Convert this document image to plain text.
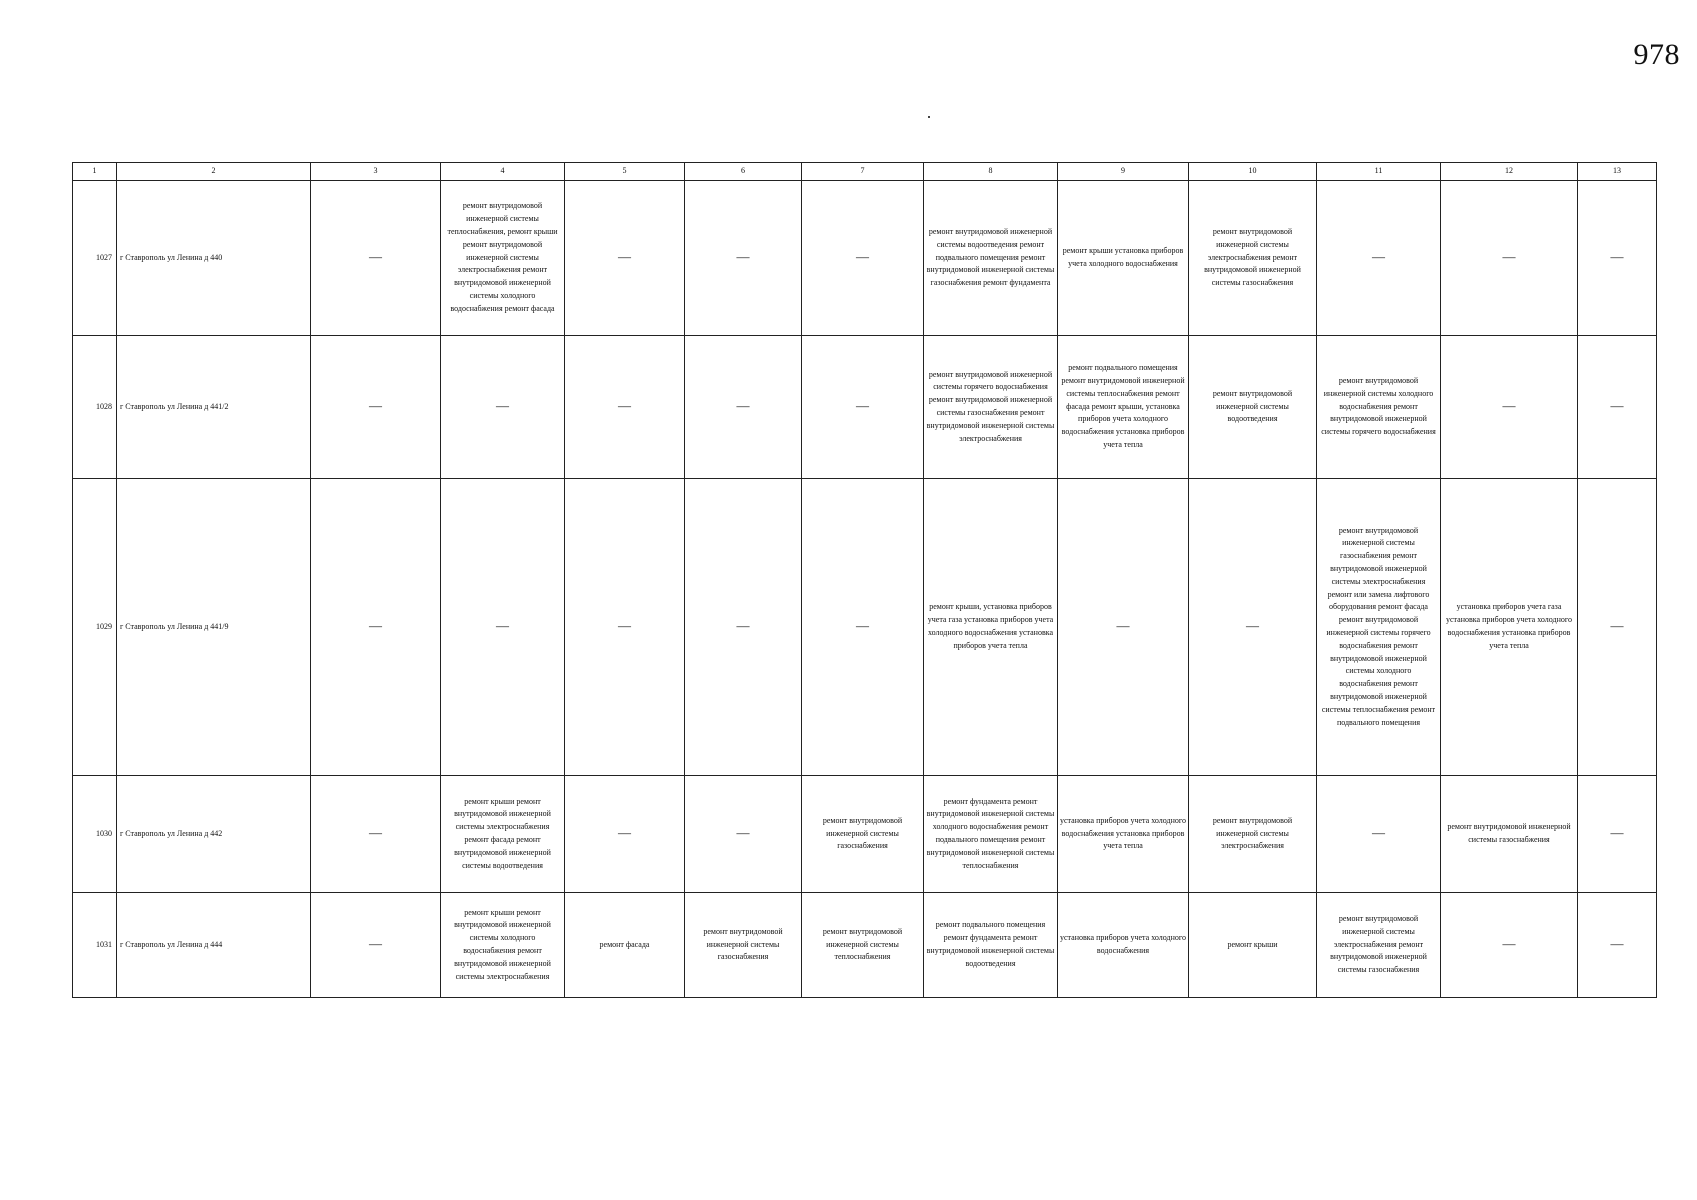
978
1	2	3	4	5	6	7	8	9	10	11	12	13
1027	г Ставрополь ул Ленина д 440	—	ремонт внутридомовой инженерной системы теплоснабжения, ремонт крыши ремонт внутридомовой инженерной системы электроснабжения ремонт внутридомовой инженерной системы холодного водоснабжения ремонт фасада	—	—	—	ремонт внутридомовой инженерной системы водоотведения ремонт подвального помещения ремонт внутридомовой инженерной системы газоснабжения ремонт фундамента	ремонт крыши установка приборов учета холодного водоснабжения	ремонт внутридомовой инженерной системы электроснабжения ремонт внутридомовой инженерной системы газоснабжения	—	—	—
1028	г Ставрополь ул Ленина д 441/2	—	—	—	—	—	ремонт внутридомовой инженерной системы горячего водоснабжения ремонт внутридомовой инженерной системы газоснабжения ремонт внутридомовой инженерной системы электроснабжения	ремонт подвального помещения ремонт внутридомовой инженерной системы теплоснабжения ремонт фасада ремонт крыши, установка приборов учета холодного водоснабжения установка приборов учета тепла	ремонт внутридомовой инженерной системы водоотведения	ремонт внутридомовой инженерной системы холодного водоснабжения ремонт внутридомовой инженерной системы горячего водоснабжения	—	—
1029	г Ставрополь ул Ленина д 441/9	—	—	—	—	—	ремонт крыши, установка приборов учета газа установка приборов учета холодного водоснабжения установка приборов учета тепла	—	—	ремонт внутридомовой инженерной системы газоснабжения ремонт внутридомовой инженерной системы электроснабжения ремонт или замена лифтового оборудования ремонт фасада ремонт внутридомовой инженерной системы горячего водоснабжения ремонт внутридомовой инженерной системы холодного водоснабжения ремонт внутридомовой инженерной системы теплоснабжения ремонт подвального помещения	установка приборов учета газа установка приборов учета холодного водоснабжения установка приборов учета тепла	—
1030	г Ставрополь ул Ленина д 442	—	ремонт крыши ремонт внутридомовой инженерной системы электроснабжения ремонт фасада ремонт внутридомовой инженерной системы водоотведения	—	—	ремонт внутридомовой инженерной системы газоснабжения	ремонт фундамента ремонт внутридомовой инженерной системы холодного водоснабжения ремонт подвального помещения ремонт внутридомовой инженерной системы теплоснабжения	установка приборов учета холодного водоснабжения установка приборов учета тепла	ремонт внутридомовой инженерной системы электроснабжения	—	ремонт внутридомовой инженерной системы газоснабжения	—
1031	г Ставрополь ул Ленина д 444	—	ремонт крыши ремонт внутридомовой инженерной системы холодного водоснабжения ремонт внутридомовой инженерной системы электроснабжения	ремонт фасада	ремонт внутридомовой инженерной системы газоснабжения	ремонт внутридомовой инженерной системы теплоснабжения	ремонт подвального помещения ремонт фундамента ремонт внутридомовой инженерной системы водоотведения	установка приборов учета холодного водоснабжения	ремонт крыши	ремонт внутридомовой инженерной системы электроснабжения ремонт внутридомовой инженерной системы газоснабжения	—	—
